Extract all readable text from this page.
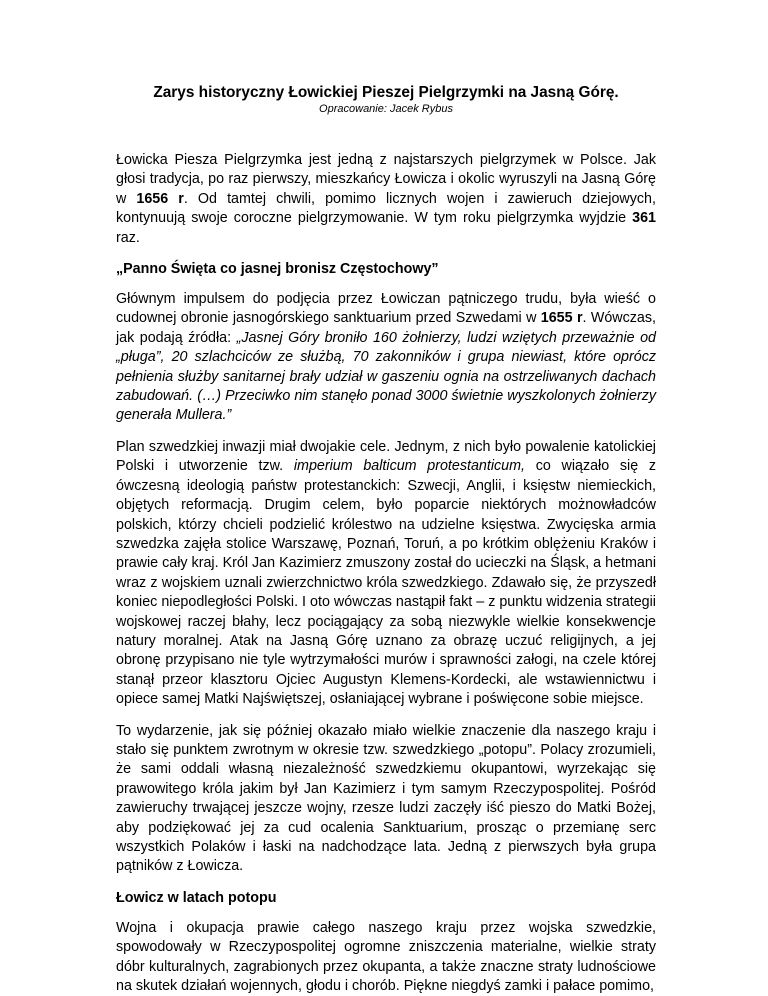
Zarys historyczny Łowickiej Pieszej Pielgrzymki na Jasną Górę.

Opracowanie: Jacek Rybus

Łowicka Piesza Pielgrzymka jest jedną z najstarszych pielgrzymek w Polsce. Jak głosi tradycja, po raz pierwszy, mieszkańcy Łowicza i okolic wyruszyli na Jasną Górę w 1656 r. Od tamtej chwili, pomimo licznych wojen i zawieruch dziejowych, kontynuują swoje coroczne pielgrzymowanie. W tym roku pielgrzymka wyjdzie 361 raz.

„Panno Święta co jasnej bronisz Częstochowy”

Głównym impulsem do podjęcia przez Łowiczan pątniczego trudu, była wieść o cudownej obronie jasnogórskiego sanktuarium przed Szwedami w 1655 r. Wówczas, jak podają źródła: „Jasnej Góry broniło 160 żołnierzy, ludzi wziętych przeważnie od „pługa”, 20 szlachciców ze służbą, 70 zakonników i grupa niewiast, które oprócz pełnienia służby sanitarnej brały udział w gaszeniu ognia na ostrzeliwanych dachach zabudowań. (…) Przeciwko nim stanęło ponad 3000 świetnie wyszkolonych żołnierzy generała Mullera.”

Plan szwedzkiej inwazji miał dwojakie cele. Jednym, z nich było powalenie katolickiej Polski i utworzenie tzw. imperium balticum protestanticum, co wiązało się z ówczesną ideologią państw protestanckich: Szwecji, Anglii, i księstw niemieckich, objętych reformacją. Drugim celem, było poparcie niektórych możnowładców polskich, którzy chcieli podzielić królestwo na udzielne księstwa. Zwycięska armia szwedzka zajęła stolice Warszawę, Poznań, Toruń, a po krótkim oblężeniu Kraków i prawie cały kraj. Król Jan Kazimierz zmuszony został do ucieczki na Śląsk, a hetmani wraz z wojskiem uznali zwierzchnictwo króla szwedzkiego. Zdawało się, że przyszedł koniec niepodległości Polski. I oto wówczas nastąpił fakt – z punktu widzenia strategii wojskowej raczej błahy, lecz pociągający za sobą niezwykle wielkie konsekwencje natury moralnej. Atak na Jasną Górę uznano za obrazę uczuć religijnych, a jej obronę przypisano nie tyle wytrzymałości murów i sprawności załogi, na czele której stanął przeor klasztoru Ojciec Augustyn Klemens-Kordecki, ale wstawiennictwu i opiece samej Matki Najświętszej, osłaniającej wybrane i poświęcone sobie miejsce.

To wydarzenie, jak się później okazało miało wielkie znaczenie dla naszego kraju i stało się punktem zwrotnym w okresie tzw. szwedzkiego „potopu”. Polacy zrozumieli, że sami oddali własną niezależność szwedzkiemu okupantowi, wyrzekając się prawowitego króla jakim był Jan Kazimierz i tym samym Rzeczypospolitej. Pośród zawieruchy trwającej jeszcze wojny, rzesze ludzi zaczęły iść pieszo do Matki Bożej, aby podziękować jej za cud ocalenia Sanktuarium, prosząc o przemianę serc wszystkich Polaków i łaski na nadchodzące lata. Jedną z pierwszych była grupa pątników z Łowicza.

Łowicz w latach potopu

Wojna i okupacja prawie całego naszego kraju przez wojska szwedzkie, spowodowały w Rzeczypospolitej ogromne zniszczenia materialne, wielkie straty dóbr kulturalnych, zagrabionych przez okupanta, a także znaczne straty ludnościowe na skutek działań wojennych, głodu i chorób. Piękne niegdyś zamki i pałace pomimo,
